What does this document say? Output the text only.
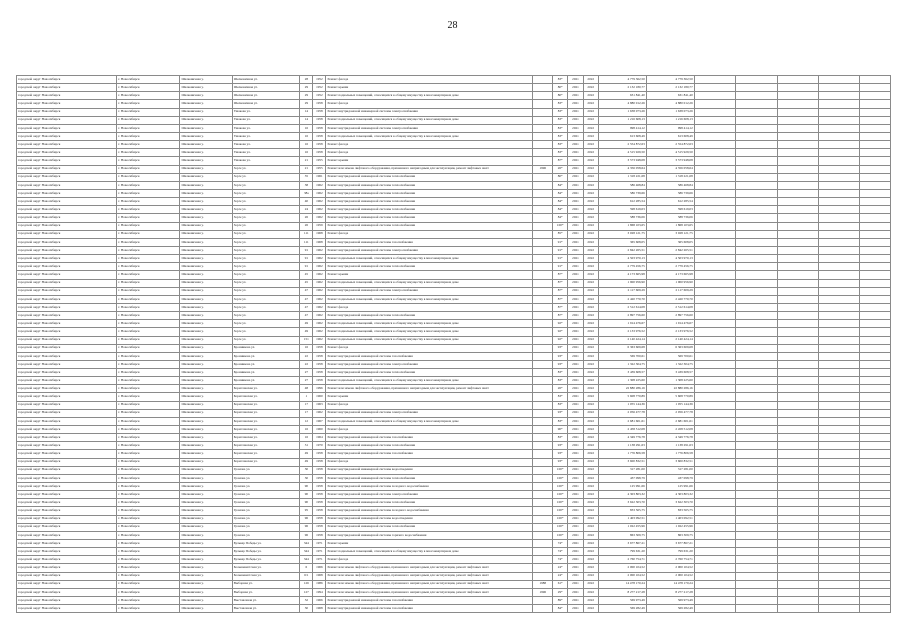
28
городской округ Новосибирск	г. Новосибирск	Шелковичная у.	Шелковичная ул.	28	1952	Ремонт фасада		83*	2021	2022	4 779 362,50	4 779 362,50					
городской округ Новосибирск	г. Новосибирск	Шелковичная у.	Шелковичная ул.	29	1952	Ремонт крыши		80*	2021	2022	2 132 180,77	2 132 180,77					
городской округ Новосибирск	г. Новосибирск	Шелковичная у.	Шелковичная ул.	29	1952	Ремонт подвальных помещений, относящихся к общему имуществу в многоквартирном доме		80*	2021	2022	631 841,40	631 841,40					
городской округ Новосибирск	г. Новосибирск	Шелковичная у.	Шелковичная ул.	29	1958	Ремонт фасада		83*	2021	2022	4 880 012,26	4 880 012,26					
городской округ Новосибирск	г. Новосибирск	Шелковичная у.	Ушакова ул.	14	1958	Ремонт внутридомовой инженерной системы электроснабжения		83*	2021	2022	1 638 073,26	1 638 073,26					
городской округ Новосибирск	г. Новосибирск	Шелковичная у.	Ушакова ул.	14	1958	Ремонт подвальных помещений, относящихся к общему имуществу в многоквартирном доме		83*	2021	2022	1 216 608,13	1 216 608,13					
городской округ Новосибирск	г. Новосибирск	Шелковичная у.	Ушакова ул.	16	1958	Ремонт внутридомовой инженерной системы электроснабжения		83*	2021	2022	998 414,12	998 414,12					
городской округ Новосибирск	г. Новосибирск	Шелковичная у.	Ушакова ул.	16	1958	Ремонт подвальных помещений, относящихся к общему имуществу в многоквартирном доме		83*	2021	2022	613 608,49	613 608,49					
городской округ Новосибирск	г. Новосибирск	Шелковичная у.	Ушакова ул.	16	1958	Ремонт фасада		83*	2021	2022	2 554 872,63	2 554 872,63					
городской округ Новосибирск	г. Новосибирск	Шелковичная у.	Ушакова ул.	16	1958	Ремонт фасада		83*	2021	2022	4 515 929,50	4 515 929,50					
городской округ Новосибирск	г. Новосибирск	Шелковичная у.	Ушакова ул.	21	1955	Ремонт крыши		87*	2021	2022	3 573 948,08	3 573 948,08					
городской округ Новосибирск	г. Новосибирск	Шелковичная у.	Зорге ул.	21	1955	Ремонт или замена лифтового оборудования, признанного непригодным для эксплуатации, ремонт лифтовых шахт	1996	26*	2021	2022	4 356 058,64	4 356 058,64					
городской округ Новосибирск	г. Новосибирск	Шелковичная у.	Зорге ул.	35	1961	Ремонт внутридомовой инженерной системы теплоснабжения		80*	2021	2022	1 318 221,68	1 318 221,68					
городской округ Новосибирск	г. Новосибирск	Шелковичная у.	Зорге ул.	38	1962	Ремонт внутридомовой инженерной системы теплоснабжения		84*	2021	2022	586 468,84	586 468,84					
городской округ Новосибирск	г. Новосибирск	Шелковичная у.	Зорге ул.	38а	1962	Ремонт внутридомовой инженерной системы теплоснабжения		84*	2021	2022	586 739,66	586 739,66					
городской округ Новосибирск	г. Новосибирск	Шелковичная у.	Зорге ул.	40	1962	Ремонт внутридомовой инженерной системы теплоснабжения		84*	2021	2022	612 285,54	612 285,54					
городской округ Новосибирск	г. Новосибирск	Шелковичная у.	Зорге ул.	24	1962	Ремонт внутридомовой инженерной системы теплоснабжения		84*	2021	2022	598 619,03	598 619,03					
городской округ Новосибирск	г. Новосибирск	Шелковичная у.	Зорге ул.	26	1962	Ремонт внутридомовой инженерной системы теплоснабжения		84*	2021	2022	588 736,06	588 736,06					
городской округ Новосибирск	г. Новосибирск	Шелковичная у.	Зорге ул.	26	1959	Ремонт внутридомовой инженерной системы теплоснабжения		100*	2021	2022	1 868 103,65	1 868 103,65					
городской округ Новосибирск	г. Новосибирск	Шелковичная у.	Зорге ул.	111	1968	Ремонт фасада		85*	2021	2022	3 028 121,75	3 028 121,75					
городской округ Новосибирск	г. Новосибирск	Шелковичная у.	Зорге ул.	111	1968	Ремонт внутридомовой инженерной системы газоснабжения		91*	2021	2022	365 608,05	365 608,05					
городской округ Новосибирск	г. Новосибирск	Шелковичная у.	Зорге ул.	91	1962	Ремонт внутридомовой инженерной системы электроснабжения		91*	2021	2022	2 842 265,51	2 842 265,51					
городской округ Новосибирск	г. Новосибирск	Шелковичная у.	Зорге ул.	91	1962	Ремонт подвальных помещений, относящихся к общему имуществу в многоквартирном доме		91*	2021	2022	4 503 970,13	4 503 970,13					
городской округ Новосибирск	г. Новосибирск	Шелковичная у.	Зорге ул.	91	1962	Ремонт внутридомовой инженерной системы теплоснабжения		91*	2021	2022	2 779 456,75	2 779 456,75					
городской округ Новосибирск	г. Новосибирск	Шелковичная у.	Зорге ул.	45	1962	Ремонт крыши		87*	2021	2022	4 173 665,98	4 173 665,98					
городской округ Новосибирск	г. Новосибирск	Шелковичная у.	Зорге ул.	45	1962	Ремонт подвальных помещений, относящихся к общему имуществу в многоквартирном доме		87*	2021	2022	1 900 956,90	1 900 956,90					
городской округ Новосибирск	г. Новосибирск	Шелковичная у.	Зорге ул.	47	1962	Ремонт внутридомовой инженерной системы электроснабжения		87*	2021	2022	2 117 609,29	2 117 609,29					
городской округ Новосибирск	г. Новосибирск	Шелковичная у.	Зорге ул.	47	1962	Ремонт подвальных помещений, относящихся к общему имуществу в многоквартирном доме		87*	2021	2022	2 420 770,70	2 420 770,70					
городской округ Новосибирск	г. Новосибирск	Шелковичная у.	Зорге ул.	47	1962	Ремонт фасада		87*	2021	2022	2 512 614,08	2 512 614,08					
городской округ Новосибирск	г. Новосибирск	Шелковичная у.	Зорге ул.	47	1962	Ремонт внутридомовой инженерной системы теплоснабжения		87*	2021	2022	2 897 756,60	2 897 756,60					
городской округ Новосибирск	г. Новосибирск	Шелковичная у.	Зорге ул.	49	1962	Ремонт подвальных помещений, относящихся к общему имуществу в многоквартирном доме		92*	2021	2022	1 914 476,67	1 914 476,67					
городской округ Новосибирск	г. Новосибирск	Шелковичная у.	Зорге ул.	49	1962	Ремонт подвальных помещений, относящихся к общему имуществу в многоквартирном доме		92*	2021	2022	2 133 976,52	2 133 976,52					
городской округ Новосибирск	г. Новосибирск	Шелковичная у.	Зорге ул.	151	1962	Ремонт подвальных помещений, относящихся к общему имуществу в многоквартирном доме		92*	2021	2022	2 140 424,14	2 140 424,14					
городской округ Новосибирск	г. Новосибирск	Шелковичная у.	Бронникова ул.	16	1958	Ремонт фасада		93*	2021	2022	6 363 609,68	6 363 609,68					
городской округ Новосибирск	г. Новосибирск	Шелковичная у.	Бронникова ул.	22	1958	Ремонт внутридомовой инженерной системы газоснабжения		93*	2021	2022	569 700,61	569 700,61					
городской округ Новосибирск	г. Новосибирск	Шелковичная у.	Бронникова ул.	22	1958	Ремонт внутридомовой инженерной системы электроснабжения		93*	2021	2022	1 322 304,75	1 322 304,75					
городской округ Новосибирск	г. Новосибирск	Шелковичная у.	Бронникова ул.	27	1958	Ремонт внутридомовой инженерной системы теплоснабжения		83*	2021	2022	3 439 608,57	3 439 608,57					
городской округ Новосибирск	г. Новосибирск	Шелковичная у.	Бронникова ул.	27	1958	Ремонт подвальных помещений, относящихся к общему имуществу в многоквартирном доме		83*	2021	2022	1 308 225,60	1 308 225,60					
городской округ Новосибирск	г. Новосибирск	Шелковичная у.	Бориславская ул.	48	1996	Ремонт или замена лифтового оборудования, признанного непригодным для эксплуатации, ремонт лифтовых шахт		26*	2021	2022	22 880 286,16	22 880 286,16					
городской округ Новосибирск	г. Новосибирск	Шелковичная у.	Бориславская ул.	1	1960	Ремонт крыши		83*	2021	2022	5 608 770,89	5 608 770,89					
городской округ Новосибирск	г. Новосибирск	Шелковичная у.	Бориславская ул.	17	1963	Ремонт фасада		83*	2021	2022	1 055 144,36	1 055 144,36					
городской округ Новосибирск	г. Новосибирск	Шелковичная у.	Бориславская ул.	17	1962	Ремонт внутридомовой инженерной системы электроснабжения		93*	2021	2022	2 056 477,78	2 056 477,78					
городской округ Новосибирск	г. Новосибирск	Шелковичная у.	Бориславская ул.	12	1967	Ремонт подвальных помещений, относящихся к общему имуществу в многоквартирном доме		83*	2021	2022	2 681 601,61	2 681 601,61					
городской округ Новосибирск	г. Новосибирск	Шелковичная у.	Бориславская ул.	16	1960	Ремонт фасада		90*	2021	2022	2 458 512,08	2 458 512,08					
городской округ Новосибирск	г. Новосибирск	Шелковичная у.	Бориславская ул.	16	1964	Ремонт внутридомовой инженерной системы газоснабжения		83*	2021	2022	4 349 776,78	4 349 776,78					
городской округ Новосибирск	г. Новосибирск	Шелковичная у.	Бориславская ул.	31	1970	Ремонт внутридомовой инженерной системы теплоснабжения		93*	2021	2022	1 138 291,63	1 138 291,63					
городской округ Новосибирск	г. Новосибирск	Шелковичная у.	Бориславская ул.	49	1958	Ремонт внутридомовой инженерной системы газоснабжения		93*	2021	2022	1 776 806,58	1 776 806,58					
городской округ Новосибирск	г. Новосибирск	Шелковичная у.	Бориславская ул.	49	1958	Ремонт фасада		93*	2021	2022	3 600 832,51	3 600 832,51					
городской округ Новосибирск	г. Новосибирск	Шелковичная у.	Громова ул.	30	1958	Ремонт внутридомовой инженерной системы водоотведения		100*	2021	2022	317 281,00	317 281,00					
городской округ Новосибирск	г. Новосибирск	Шелковичная у.	Громова ул.	30	1958	Ремонт внутридомовой инженерной системы теплоснабжения		100*	2021	2022	437 098,79	437 098,79					
городской округ Новосибирск	г. Новосибирск	Шелковичная у.	Громова ул.	90	1958	Ремонт внутридомовой инженерной системы холодного водоснабжения		100*	2021	2022	125 991,66	125 991,66					
городской округ Новосибирск	г. Новосибирск	Шелковичная у.	Громова ул.	90	1958	Ремонт внутридомовой инженерной системы электроснабжения		100*	2021	2022	4 303 803,32	4 303 803,32					
городской округ Новосибирск	г. Новосибирск	Шелковичная у.	Громова ул.	90	1958	Ремонт внутридомовой инженерной системы теплоснабжения		100*	2021	2022	3 622 303,70	3 622 303,70					
городской округ Новосибирск	г. Новосибирск	Шелковичная у.	Громова ул.	95	1958	Ремонт внутридомовой инженерной системы холодного водоснабжения		100*	2021	2022	833 565,75	833 565,75					
городской округ Новосибирск	г. Новосибирск	Шелковичная у.	Громова ул.	96	1958	Ремонт внутридомовой инженерной системы водоотведения		100*	2021	2022	1 403 092,51	1 403 092,51					
городской округ Новосибирск	г. Новосибирск	Шелковичная у.	Громова ул.	96	1958	Ремонт внутридомовой инженерной системы теплоснабжения		100*	2021	2022	1 022 455,96	1 022 455,96					
городской округ Новосибирск	г. Новосибирск	Шелковичная у.	Громова ул.	96	1958	Ремонт внутридомовой инженерной системы горячего водоснабжения		100*	2021	2022	863 309,75	863 309,75					
городской округ Новосибирск	г. Новосибирск	Шелковичная у.	Бульвар Победы ул.	344	1971	Ремонт крыши		74*	2021	2022	3 677 867,21	3 677 867,21					
городской округ Новосибирск	г. Новосибирск	Шелковичная у.	Бульвар Победы ул.	344	1971	Ремонт подвальных помещений, относящихся к общему имуществу в многоквартирном доме		74*	2021	2022	799 631,20	799 631,20					
городской округ Новосибирск	г. Новосибирск	Шелковичная у.	Бульвар Победы ул.	344	1971	Ремонт фасада		74*	2021	2022	2 760 754,71	2 760 754,71					
городской округ Новосибирск	г. Новосибирск	Шелковичная у.	Большевистская ул.	6	1966	Ремонт или замена лифтового оборудования, признанного непригодным для эксплуатации, ремонт лифтовых шахт		24*	2021	2022	2 000 104,52	2 000 104,52					
городской округ Новосибирск	г. Новосибирск	Шелковичная у.	Большевистская ул.	6/1	1968	Ремонт или замена лифтового оборудования, признанного непригодным для эксплуатации, ремонт лифтовых шахт		24*	2021	2022	2 000 104,52	2 000 104,52					
городской округ Новосибирск	г. Новосибирск	Шелковичная у.	Выборная ул.	126	1986	Ремонт или замена лифтового оборудования, признанного непригодным для эксплуатации, ремонт лифтовых шахт	1988	61*	2021	2022	14 478 170,24	14 478 170,24					
городской округ Новосибирск	г. Новосибирск	Шелковичная у.	Выборная ул.	127	1994	Ремонт или замена лифтового оборудования, признанного непригодным для эксплуатации, ремонт лифтовых шахт	1996	29*	2021	2022	8 277 217,28	8 277 217,28					
городской округ Новосибирск	г. Новосибирск	Шелковичная у.	Выставочная ул.	32	1966	Ремонт внутридомовой инженерной системы газоснабжения		89*	2021	2022	569 973,49	569 973,49					
городской округ Новосибирск	г. Новосибирск	Шелковичная у.	Выставочная ул.	30	1968	Ремонт внутридомовой инженерной системы газоснабжения		84*	2021	2022	569 282,49	569 282,49					
